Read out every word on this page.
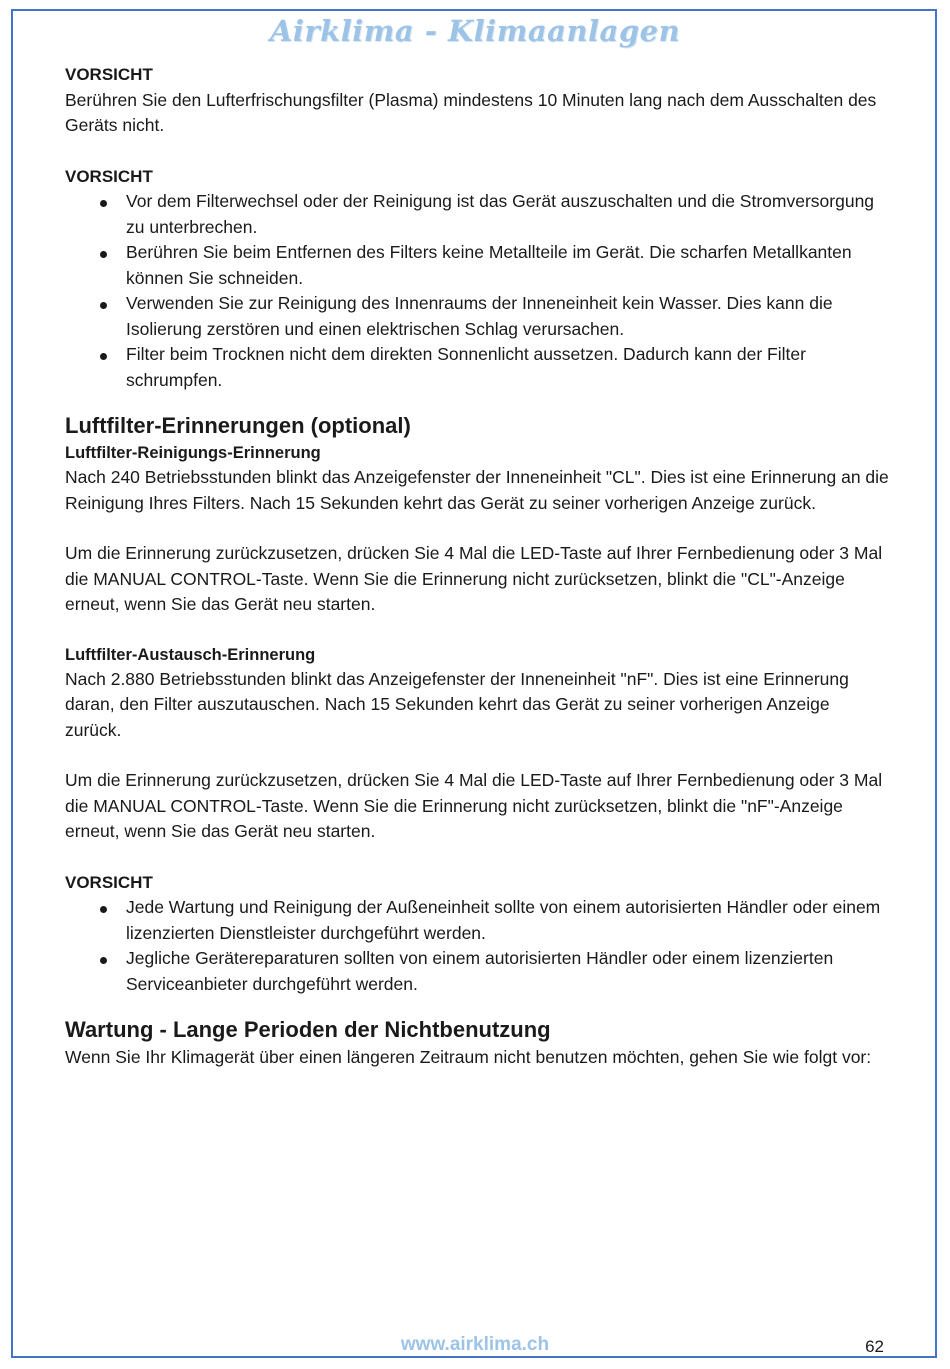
Airklima - Klimaanlagen
VORSICHT

Berühren Sie den Lufterfrischungsfilter (Plasma) mindestens 10 Minuten lang nach dem Ausschalten des Geräts nicht.

VORSICHT
Vor dem Filterwechsel oder der Reinigung ist das Gerät auszuschalten und die Stromversorgung zu unterbrechen.
Berühren Sie beim Entfernen des Filters keine Metallteile im Gerät. Die scharfen Metallkanten können Sie schneiden.
Verwenden Sie zur Reinigung des Innenraums der Inneneinheit kein Wasser. Dies kann die Isolierung zerstören und einen elektrischen Schlag verursachen.
Filter beim Trocknen nicht dem direkten Sonnenlicht aussetzen. Dadurch kann der Filter schrumpfen.
Luftfilter-Erinnerungen (optional)
Luftfilter-Reinigungs-Erinnerung

Nach 240 Betriebsstunden blinkt das Anzeigefenster der Inneneinheit "CL". Dies ist eine Erinnerung an die Reinigung Ihres Filters. Nach 15 Sekunden kehrt das Gerät zu seiner vorherigen Anzeige zurück.

Um die Erinnerung zurückzusetzen, drücken Sie 4 Mal die LED-Taste auf Ihrer Fernbedienung oder 3 Mal die MANUAL CONTROL-Taste. Wenn Sie die Erinnerung nicht zurücksetzen, blinkt die "CL"-Anzeige erneut, wenn Sie das Gerät neu starten.

Luftfilter-Austausch-Erinnerung

Nach 2.880 Betriebsstunden blinkt das Anzeigefenster der Inneneinheit "nF". Dies ist eine Erinnerung daran, den Filter auszutauschen. Nach 15 Sekunden kehrt das Gerät zu seiner vorherigen Anzeige zurück.

Um die Erinnerung zurückzusetzen, drücken Sie 4 Mal die LED-Taste auf Ihrer Fernbedienung oder 3 Mal die MANUAL CONTROL-Taste. Wenn Sie die Erinnerung nicht zurücksetzen, blinkt die "nF"-Anzeige erneut, wenn Sie das Gerät neu starten.

VORSICHT
Jede Wartung und Reinigung der Außeneinheit sollte von einem autorisierten Händler oder einem lizenzierten Dienstleister durchgeführt werden.
Jegliche Gerätereparaturen sollten von einem autorisierten Händler oder einem lizenzierten Serviceanbieter durchgeführt werden.
Wartung - Lange Perioden der Nichtbenutzung

Wenn Sie Ihr Klimagerät über einen längeren Zeitraum nicht benutzen möchten, gehen Sie wie folgt vor:

www.airklima.ch	62
